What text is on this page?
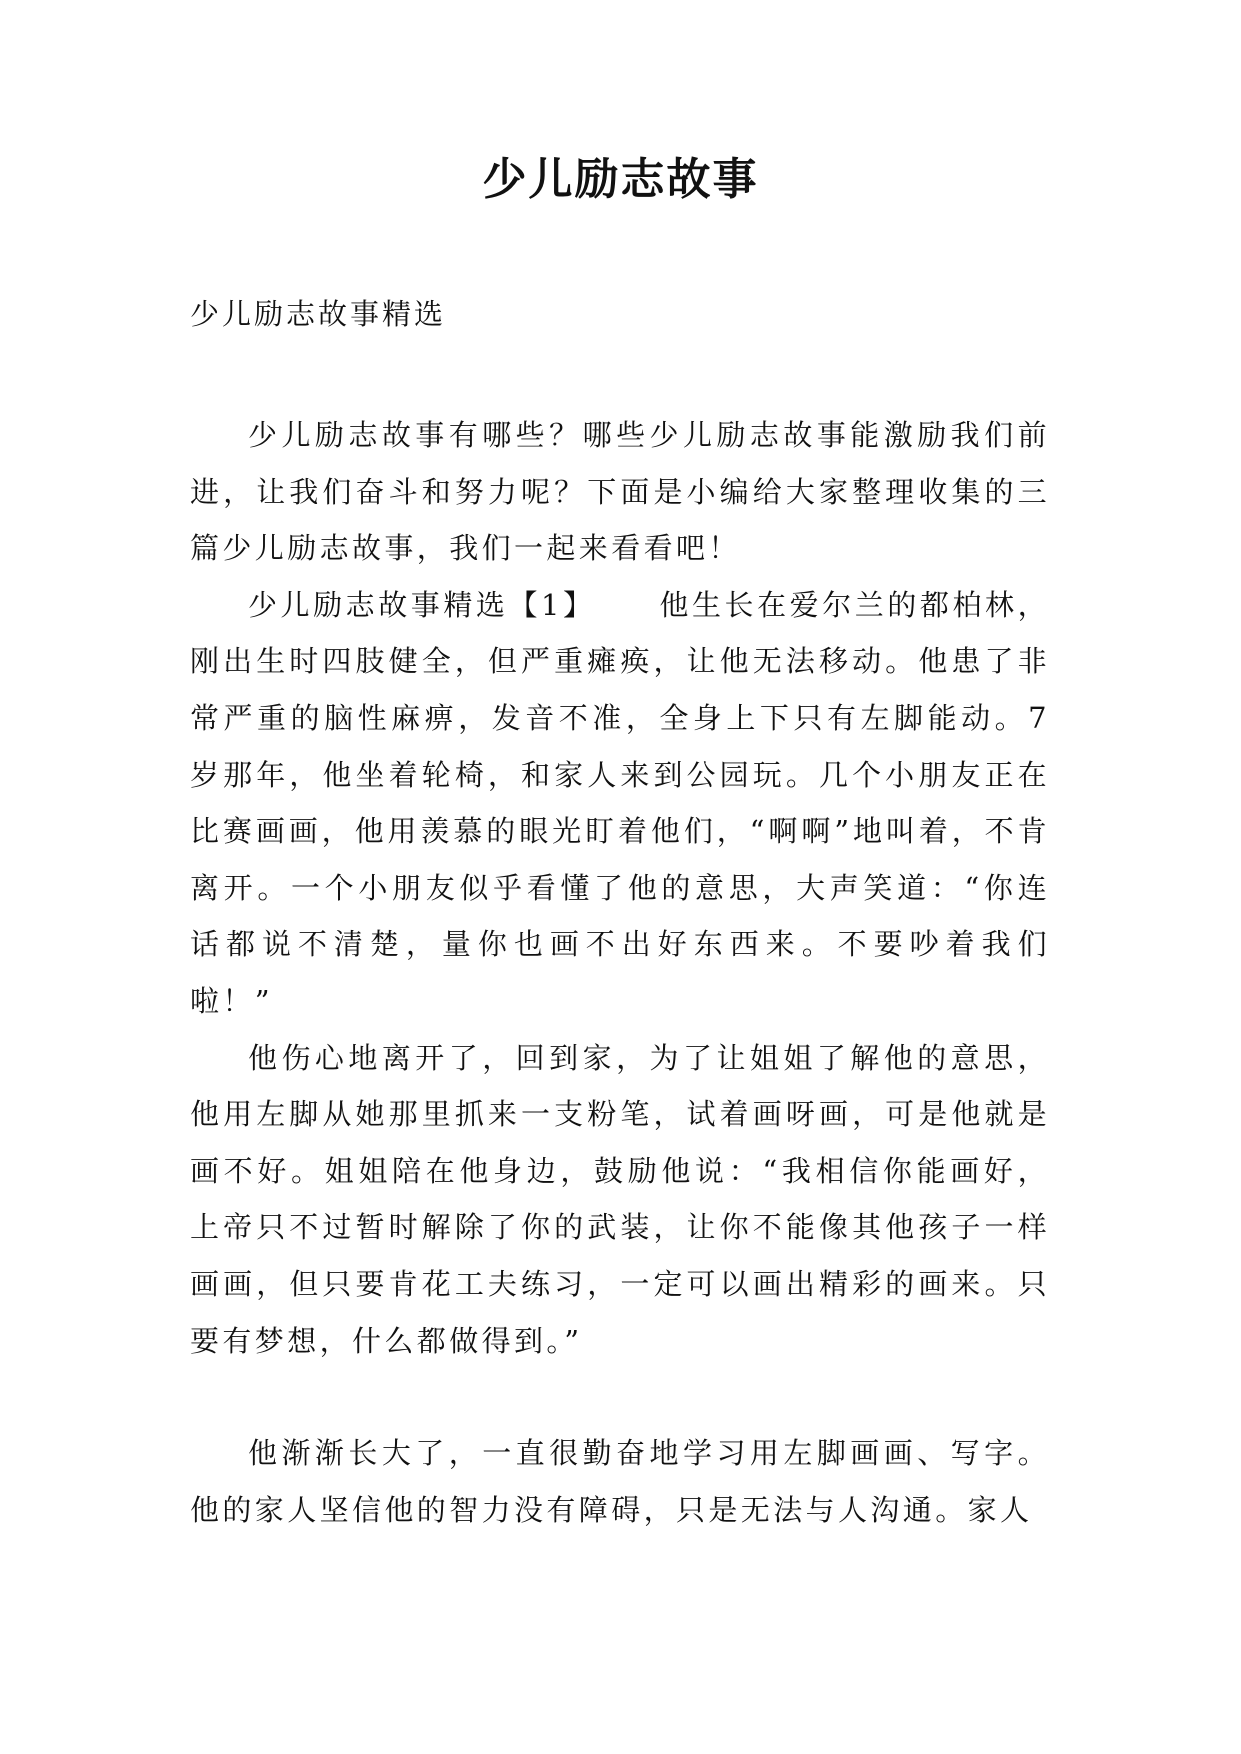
少儿励志故事

少儿励志故事精选

少儿励志故事有哪些？哪些少儿励志故事能激励我们前进，让我们奋斗和努力呢？下面是小编给大家整理收集的三篇少儿励志故事，我们一起来看看吧！

少儿励志故事精选【1】 他生长在爱尔兰的都柏林，刚出生时四肢健全，但严重瘫痪，让他无法移动。他患了非常严重的脑性麻痹，发音不准，全身上下只有左脚能动。7岁那年，他坐着轮椅，和家人来到公园玩。几个小朋友正在比赛画画，他用羡慕的眼光盯着他们，“啊啊”地叫着，不肯离开。一个小朋友似乎看懂了他的意思，大声笑道：“你连话都说不清楚，量你也画不出好东西来。不要吵着我们啦！”

他伤心地离开了，回到家，为了让姐姐了解他的意思，他用左脚从她那里抓来一支粉笔，试着画呀画，可是他就是画不好。姐姐陪在他身边，鼓励他说：“我相信你能画好，上帝只不过暂时解除了你的武装，让你不能像其他孩子一样画画，但只要肯花工夫练习，一定可以画出精彩的画来。只要有梦想，什么都做得到。”

他渐渐长大了，一直很勤奋地学习用左脚画画、写字。他的家人坚信他的智力没有障碍，只是无法与人沟通。家人
